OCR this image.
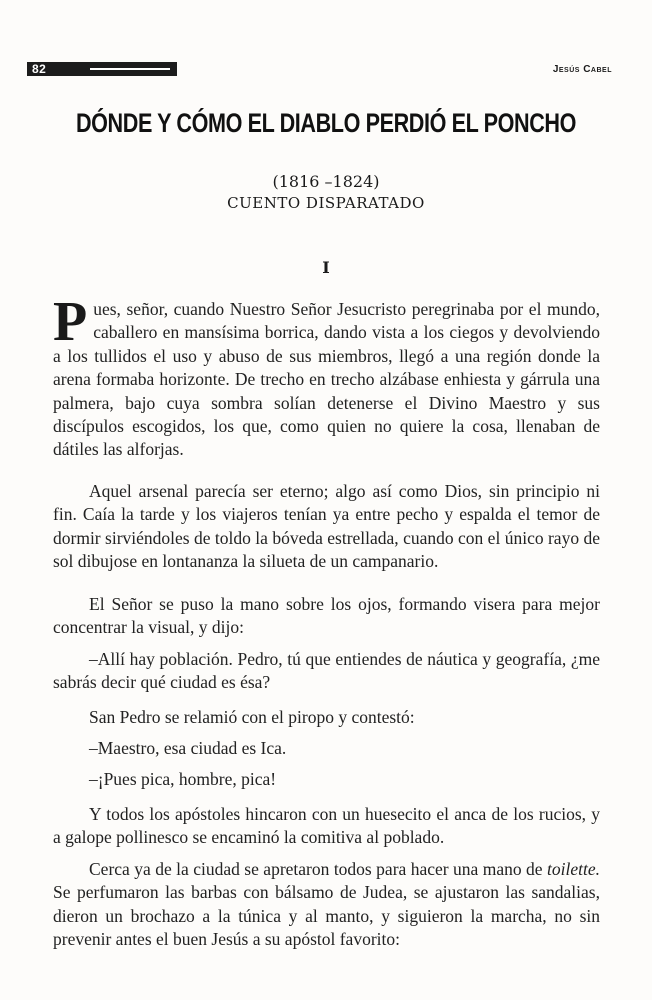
82	Jesús Cabel
DÓNDE Y CÓMO EL DIABLO PERDIÓ EL PONCHO
(1816 –1824)
CUENTO DISPARATADO
I

Pues, señor, cuando Nuestro Señor Jesucristo peregrinaba por el mundo, caballero en mansísima borrica, dando vista a los ciegos y devolviendo a los tullidos el uso y abuso de sus miembros, llegó a una región donde la arena formaba horizonte. De trecho en trecho alzábase enhiesta y gárrula una palmera, bajo cuya sombra solían detenerse el Divino Maestro y sus discípulos escogidos, los que, como quien no quiere la cosa, llenaban de dátiles las alforjas.

Aquel arsenal parecía ser eterno; algo así como Dios, sin principio ni fin. Caía la tarde y los viajeros tenían ya entre pecho y espalda el temor de dormir sirviéndoles de toldo la bóveda estrellada, cuando con el único rayo de sol dibujose en lontananza la silueta de un campanario.

El Señor se puso la mano sobre los ojos, formando visera para mejor concentrar la visual, y dijo:

–Allí hay población. Pedro, tú que entiendes de náutica y geografía, ¿me sabrás decir qué ciudad es ésa?

San Pedro se relamió con el piropo y contestó:

–Maestro, esa ciudad es Ica.

–¡Pues pica, hombre, pica!

Y todos los apóstoles hincaron con un huesecito el anca de los rucios, y a galope pollinesco se encaminó la comitiva al poblado.

Cerca ya de la ciudad se apretaron todos para hacer una mano de toilette. Se perfumaron las barbas con bálsamo de Judea, se ajustaron las sandalias, dieron un brochazo a la túnica y al manto, y siguieron la marcha, no sin prevenir antes el buen Jesús a su apóstol favorito:
